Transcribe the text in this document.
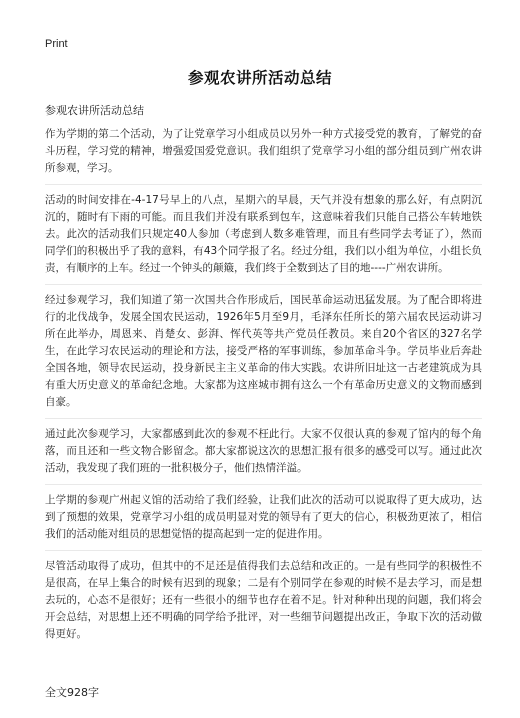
Print
参观农讲所活动总结
参观农讲所活动总结

作为学期的第二个活动，为了让党章学习小组成员以另外一种方式接受党的教育，了解党的奋斗历程，学习党的精神，增强爱国爱党意识。我们组织了党章学习小组的部分组员到广州农讲所参观，学习。

活动的时间安排在-4-17号早上的八点，星期六的早晨，天气并没有想象的那么好，有点阴沉沉的，随时有下雨的可能。而且我们并没有联系到包车，这意味着我们只能自己搭公车转地铁去。此次的活动我们只规定40人参加（考虑到人数多难管理，而且有些同学去考证了），然而同学们的积极出乎了我的意料，有43个同学报了名。经过分组，我们以小组为单位，小组长负责，有顺序的上车。经过一个钟头的颠簸，我们终于全数到达了目的地----广州农讲所。

经过参观学习，我们知道了第一次国共合作形成后，国民革命运动迅猛发展。为了配合即将进行的北伐战争，发展全国农民运动，1926年5月至9月，毛泽东任所长的第六届农民运动讲习所在此举办，周恩来、肖楚女、彭湃、恽代英等共产党员任教员。来自20个省区的327名学生，在此学习农民运动的理论和方法，接受严格的军事训练，参加革命斗争。学员毕业后奔赴全国各地，领导农民运动，投身新民主主义革命的伟大实践。农讲所旧址这一古老建筑成为具有重大历史意义的革命纪念地。大家都为这座城市拥有这么一个有革命历史意义的文物而感到自豪。

通过此次参观学习，大家都感到此次的参观不枉此行。大家不仅很认真的参观了馆内的每个角落，而且还和一些文物合影留念。都大家都说这次的思想汇报有很多的感受可以写。通过此次活动，我发现了我们班的一批积极分子，他们热情洋溢。

上学期的参观广州起义馆的活动给了我们经验，让我们此次的活动可以说取得了更大成功，达到了预想的效果，党章学习小组的成员明显对党的领导有了更大的信心，积极劲更浓了，相信我们的活动能对组员的思想觉悟的提高起到一定的促进作用。

尽管活动取得了成功，但其中的不足还是值得我们去总结和改正的。一是有些同学的积极性不是很高，在早上集合的时候有迟到的现象；二是有个别同学在参观的时候不是去学习，而是想去玩的，心态不是很好；还有一些很小的细节也存在着不足。针对种种出现的问题，我们将会开会总结，对思想上还不明确的同学给予批评，对一些细节问题提出改正，争取下次的活动做得更好。

全文928字
